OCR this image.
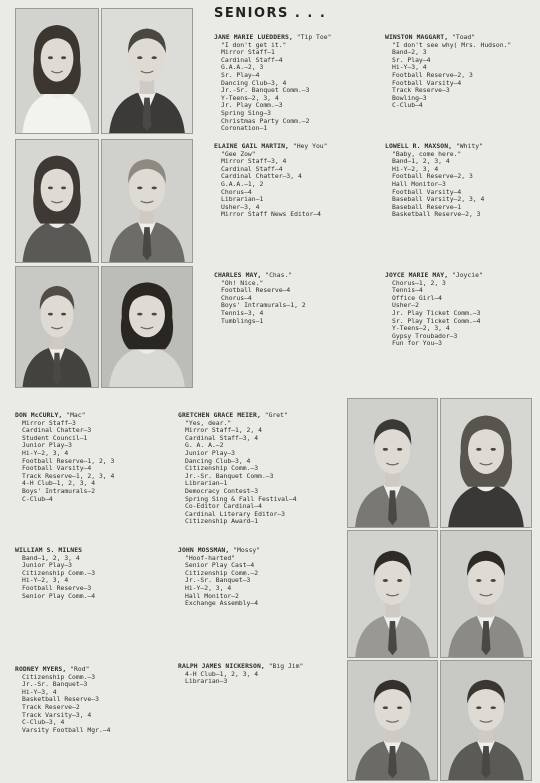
SENIORS . . .
JANE MARIE LUEDDERS, "Tip Toe"
"I don't get it."
Mirror Staff—1
Cardinal Staff—4
G.A.A.—2, 3
Sr. Play—4
Dancing Club—3, 4
Jr.-Sr. Banquet Comm.—3
Y-Teens—2, 3, 4
Jr. Play Comm.—3
Spring Sing—3
Christmas Party Comm.—2
Coronation—1
WINSTON MAGGART, "Toad"
"I don't see why( Mrs. Hudson."
Band—2, 3
Sr. Play—4
Hi-Y—3, 4
Football Reserve—2, 3
Football Varsity—4
Track Reserve—3
Bowling—3
C-Club—4
ELAINE GAIL MARTIN, "Hey You"
"Gee Zow"
Mirror Staff—3, 4
Cardinal Staff—4
Cardinal Chatter—3, 4
G.A.A.—1, 2
Chorus—4
Librarian—1
Usher—3, 4
Mirror Staff News Editor—4
LOWELL R. MAXSON, "Whity"
"Baby, come here."
Band—1, 2, 3, 4
Hi-Y—2, 3, 4
Football Reserve—2, 3
Hall Monitor—3
Football Varsity—4
Baseball Varsity—2, 3, 4
Baseball Reserve—1
Basketball Reserve—2, 3
CHARLES MAY, "Chas."
"Oh! Nice."
Football Reserve—4
Chorus—4
Boys' Intramurals—1, 2
Tennis—3, 4
Tumblings—1
JOYCE MARIE MAY, "Joycie"
Chorus—1, 2, 3
Tennis—4
Office Girl—4
Usher—2
Jr. Play Ticket Comm.—3
Sr. Play Ticket Comm.—4
Y-Teens—2, 3, 4
Gypsy Troubador—3
Fun for You—3
DON McCURLY, "Mac"
Mirror Staff—3
Cardinal Chatter—3
Student Council—1
Junior Play—3
Hi-Y—2, 3, 4
Football Reserve—1, 2, 3
Football Varsity—4
Track Reserve—1, 2, 3, 4
4-H Club—1, 2, 3, 4
Boys' Intramurals—2
C-Club—4
GRETCHEN GRACE MEIER, "Gret"
"Yes, dear."
Mirror Staff—1, 2, 4
Cardinal Staff—3, 4
G. A. A.—2
Junior Play—3
Dancing Club—3, 4
Citizenship Comm.—3
Jr.-Sr. Banquet Comm.—3
Librarian—1
Democracy Contest—3
Spring Sing & Fall Festival—4
Co-Editor Cardinal—4
Cardinal Literary Editor—3
Citizenship Award—1
WILLIAM S. MILNES
Band—1, 2, 3, 4
Junior Play—3
Citizenship Comm.—3
Hi-Y—2, 3, 4
Football Reserve—3
Senior Play Comm.—4
JOHN MOSSMAN, "Mossy"
"Hoof-harted"
Senior Play Cast—4
Citizenship Comm.—2
Jr.-Sr. Banquet—3
Hi-Y—2, 3, 4
Hall Monitor—2
Exchange Assembly—4
RODNEY MYERS, "Rod"
Citizenship Comm.—3
Jr.-Sr. Banquet—3
Hi-Y—3, 4
Basketball Reserve—3
Track Reserve—2
Track Varsity—3, 4
C-Club—3, 4
Varsity Football Mgr.—4
RALPH JAMES NICKERSON, "Big Jim"
4-H Club—1, 2, 3, 4
Librarian—3
